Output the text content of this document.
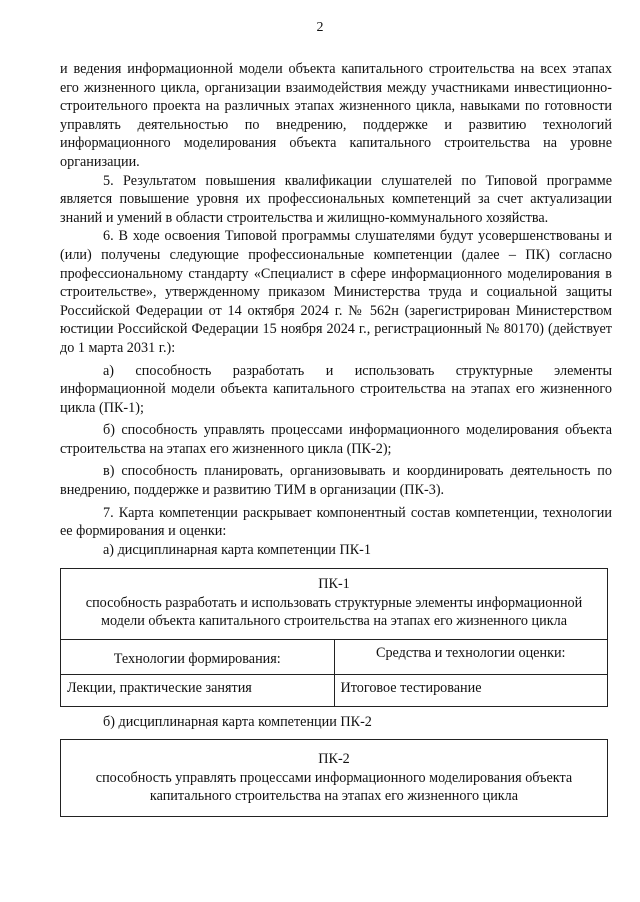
2

и ведения информационной модели объекта капитального строительства на всех этапах его жизненного цикла, организации взаимодействия между участниками инвестиционно-строительного проекта на различных этапах жизненного цикла, навыками по готовности управлять деятельностью по внедрению, поддержке и развитию технологий информационного моделирования объекта капитального строительства на уровне организации.

5. Результатом повышения квалификации слушателей по Типовой программе является повышение уровня их профессиональных компетенций за счет актуализации знаний и умений в области строительства и жилищно-коммунального хозяйства.

6. В ходе освоения Типовой программы слушателями будут усовершенствованы и (или) получены следующие профессиональные компетенции (далее – ПК) согласно профессиональному стандарту «Специалист в сфере информационного моделирования в строительстве», утвержденному приказом Министерства труда и социальной защиты Российской Федерации от 14 октября 2024 г. № 562н (зарегистрирован Министерством юстиции Российской Федерации 15 ноября 2024 г., регистрационный № 80170) (действует до 1 марта 2031 г.):

а) способность разработать и использовать структурные элементы информационной модели объекта капитального строительства на этапах его жизненного цикла (ПК-1);

б) способность управлять процессами информационного моделирования объекта строительства на этапах его жизненного цикла (ПК-2);

в) способность планировать, организовывать и координировать деятельность по внедрению, поддержке и развитию ТИМ в организации (ПК-3).

7. Карта компетенции раскрывает компонентный состав компетенции, технологии ее формирования и оценки:

а) дисциплинарная карта компетенции ПК-1

ПК-1
способность разработать и использовать структурные элементы информационной модели объекта капитального строительства на этапах его жизненного цикла	

Технологии формирования:	Средства и технологии оценки:
Лекции, практические занятия	Итоговое тестирование
б) дисциплинарная карта компетенции ПК-2
ПК-2
способность управлять процессами информационного моделирования объекта капитального строительства на этапах его жизненного цикла
